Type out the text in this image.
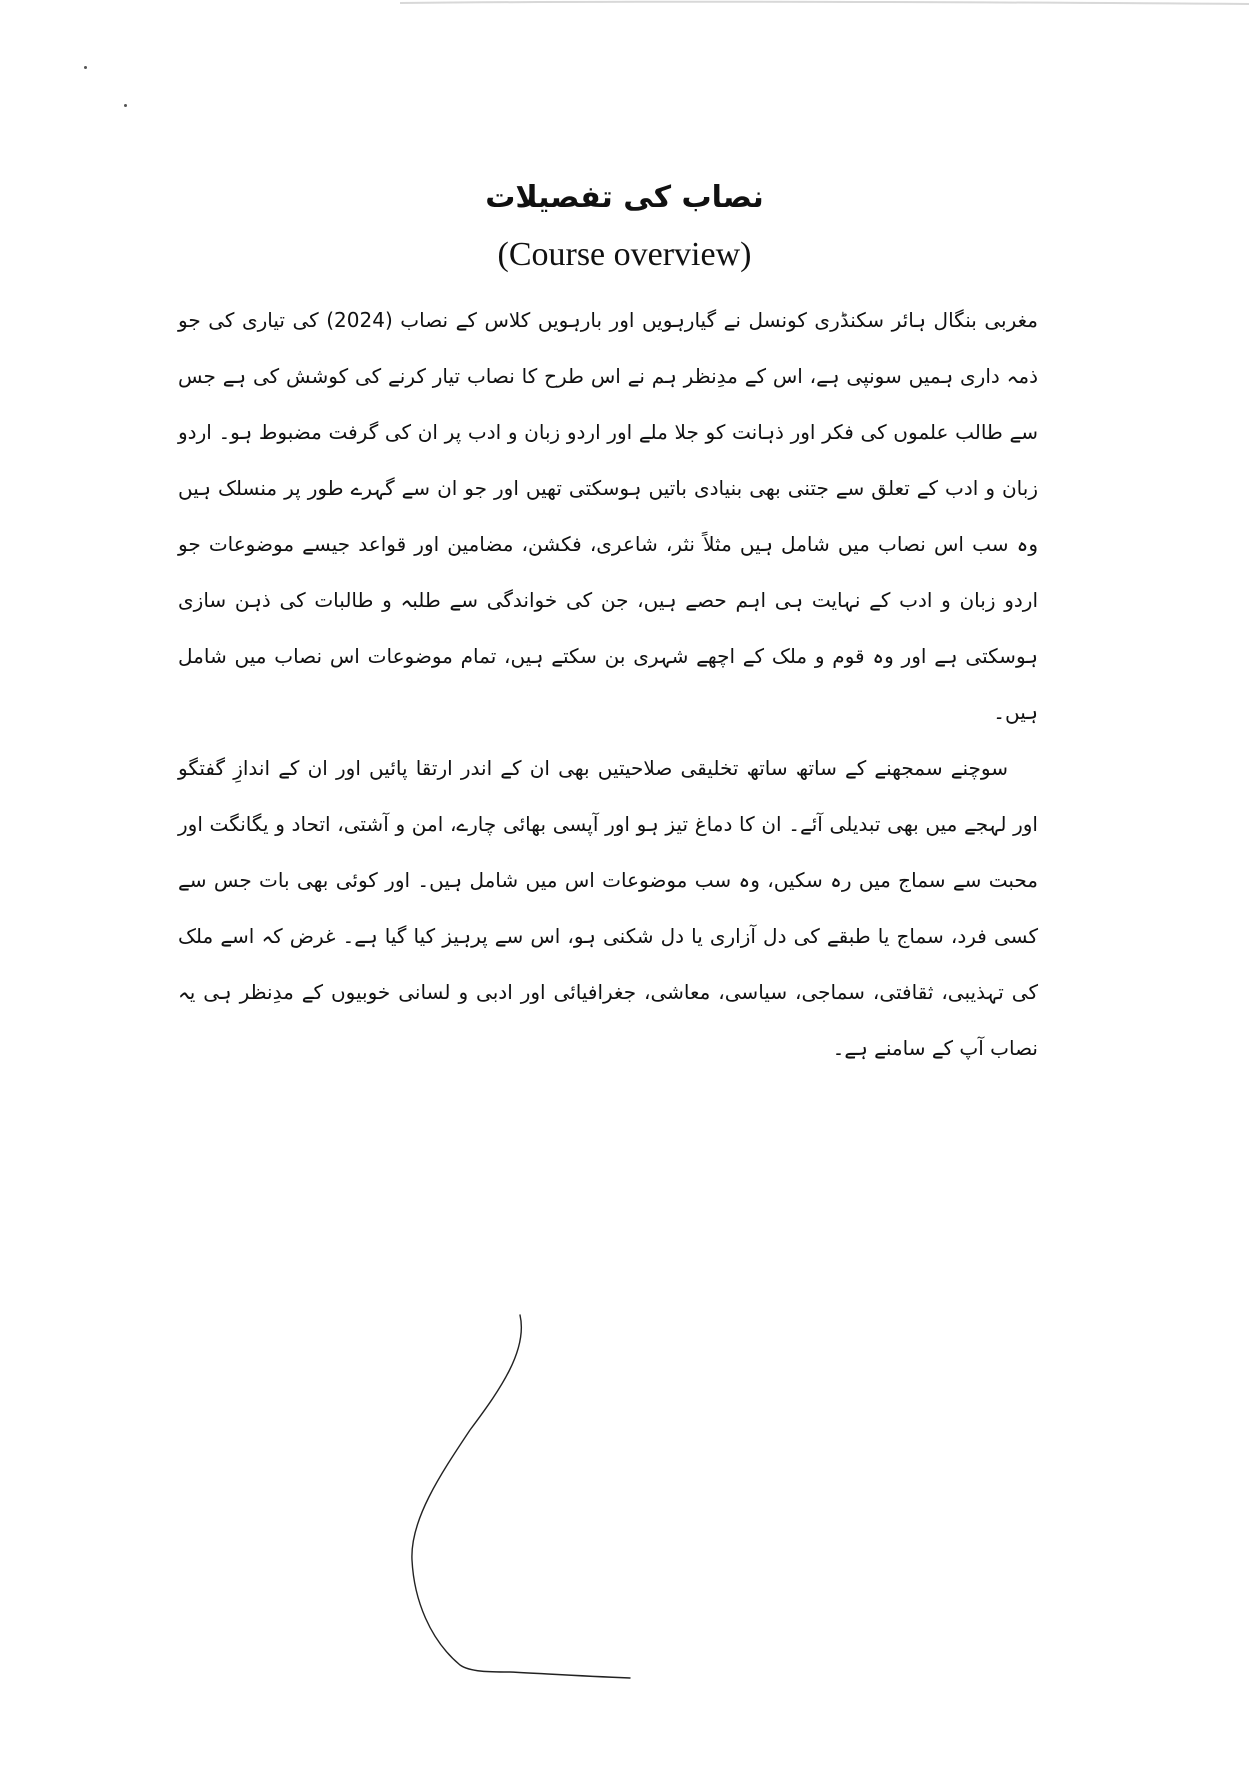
نصاب کی تفصیلات
(Course overview)

مغربی بنگال ہائر سکنڈری کونسل نے گیارہویں اور بارہویں کلاس کے نصاب (2024) کی تیاری کی جو ذمہ داری ہمیں سونپی ہے، اس کے مدِنظر ہم نے اس طرح کا نصاب تیار کرنے کی کوشش کی ہے جس سے طالب علموں کی فکر اور ذہانت کو جلا ملے اور اردو زبان و ادب پر ان کی گرفت مضبوط ہو۔ اردو زبان و ادب کے تعلق سے جتنی بھی بنیادی باتیں ہوسکتی تھیں اور جو ان سے گہرے طور پر منسلک ہیں وہ سب اس نصاب میں شامل ہیں مثلاً نثر، شاعری، فکشن، مضامین اور قواعد جیسے موضوعات جو اردو زبان و ادب کے نہایت ہی اہم حصے ہیں، جن کی خواندگی سے طلبہ و طالبات کی ذہن سازی ہوسکتی ہے اور وہ قوم و ملک کے اچھے شہری بن سکتے ہیں، تمام موضوعات اس نصاب میں شامل ہیں۔

سوچنے سمجھنے کے ساتھ ساتھ تخلیقی صلاحیتیں بھی ان کے اندر ارتقا پائیں اور ان کے اندازِ گفتگو اور لہجے میں بھی تبدیلی آئے۔ ان کا دماغ تیز ہو اور آپسی بھائی چارے، امن و آشتی، اتحاد و یگانگت اور محبت سے سماج میں رہ سکیں، وہ سب موضوعات اس میں شامل ہیں۔ اور کوئی بھی بات جس سے کسی فرد، سماج یا طبقے کی دل آزاری یا دل شکنی ہو، اس سے پرہیز کیا گیا ہے۔ غرض کہ اسے ملک کی تہذیبی، ثقافتی، سماجی، سیاسی، معاشی، جغرافیائی اور ادبی و لسانی خوبیوں کے مدِنظر ہی یہ نصاب آپ کے سامنے ہے۔
